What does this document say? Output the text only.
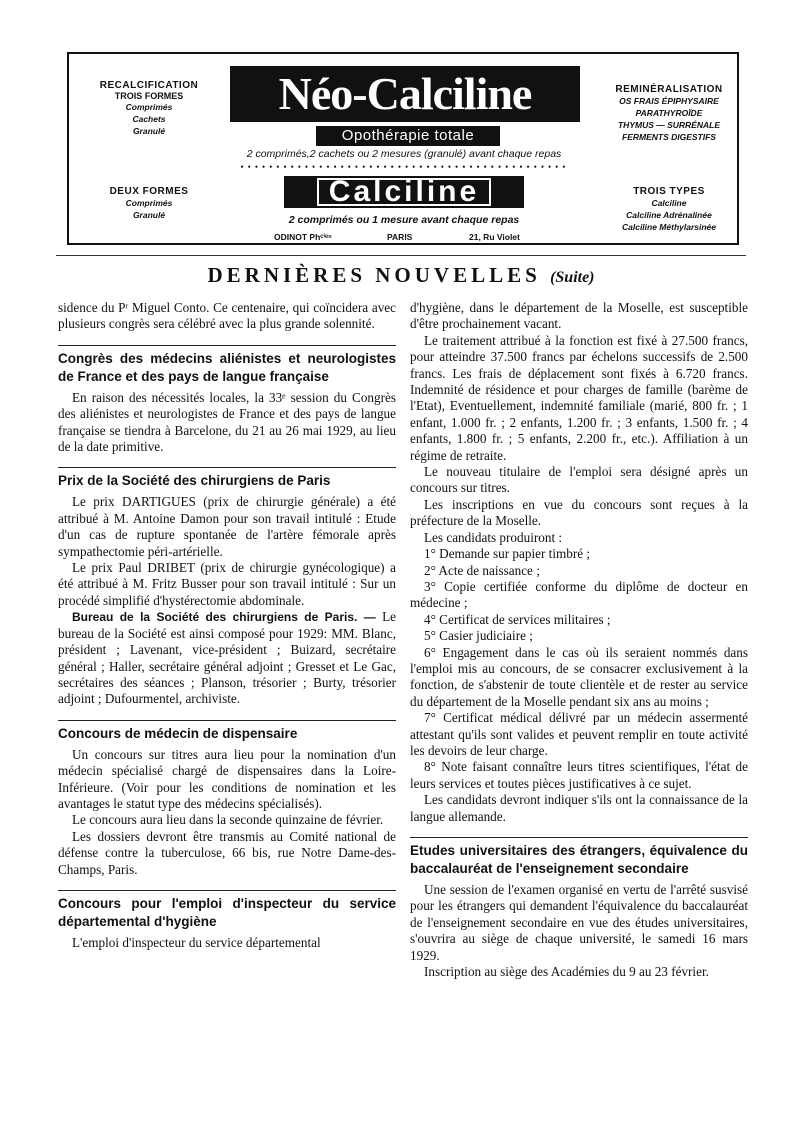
RECALCIFICATION
TROIS FORMES
Comprimés
Cachets
Granulé
DEUX FORMES
Comprimés
Granulé
Néo-Calciline
Opothérapie totale
2 comprimés,2 cachets ou 2 mesures (granulé) avant chaque repas
••••••••••••••••••••••••••••••••••••••••••••••
Calciline
2 comprimés ou 1 mesure avant chaque repas
ODINOT Phᶜⁱᵉⁿ	PARIS	21, Ru Violet
REMINÉRALISATION
OS FRAIS ÉPIPHYSAIRE
PARATHYROÏDE
THYMUS — SURRÉNALE
FERMENTS DIGESTIFS
TROIS TYPES
Calciline
Calciline Adrénalinée
Calciline Méthylarsinée
DERNIÈRES NOUVELLES (Suite)

sidence du Pʳ Miguel Conto. Ce centenaire, qui coïncidera avec plusieurs congrès sera célébré avec la plus grande solennité.

Congrès des médecins aliénistes et neurologistes de France et des pays de langue française

En raison des nécessités locales, la 33ᵉ session du Congrès des aliénistes et neurologistes de France et des pays de langue française se tiendra à Barcelone, du 21 au 26 mai 1929, au lieu de la date primitive.

Prix de la Société des chirurgiens de Paris

Le prix DARTIGUES (prix de chirurgie générale) a été attribué à M. Antoine Damon pour son travail intitulé : Etude d'un cas de rupture spontanée de l'artère fémorale après sympathectomie péri-artérielle.

Le prix Paul DRIBET (prix de chirurgie gynécologique) a été attribué à M. Fritz Busser pour son travail intitulé : Sur un procédé simplifié d'hystérectomie abdominale.

Bureau de la Société des chirurgiens de Paris. — Le bureau de la Société est ainsi composé pour 1929: MM. Blanc, président ; Lavenant, vice-président ; Buizard, secrétaire général ; Haller, secrétaire général adjoint ; Gresset et Le Gac, secrétaires des séances ; Planson, trésorier ; Burty, trésorier adjoint ; Dufourmentel, archiviste.

Concours de médecin de dispensaire

Un concours sur titres aura lieu pour la nomination d'un médecin spécialisé chargé de dispensaires dans la Loire-Inférieure. (Voir pour les conditions de nomination et les avantages le statut type des médecins spécialisés).

Le concours aura lieu dans la seconde quinzaine de février.

Les dossiers devront être transmis au Comité national de défense contre la tuberculose, 66 bis, rue Notre Dame-des-Champs, Paris.

Concours pour l'emploi d'inspecteur du service départemental d'hygiène

L'emploi d'inspecteur du service départemental

d'hygiène, dans le département de la Moselle, est susceptible d'être prochainement vacant.

Le traitement attribué à la fonction est fixé à 27.500 francs, pour atteindre 37.500 francs par échelons successifs de 2.500 francs. Les frais de déplacement sont fixés à 6.720 francs. Indemnité de résidence et pour charges de famille (barème de l'Etat), Eventuellement, indemnité familiale (marié, 800 fr. ; 1 enfant, 1.000 fr. ; 2 enfants, 1.200 fr. ; 3 enfants, 1.500 fr. ; 4 enfants, 1.800 fr. ; 5 enfants, 2.200 fr., etc.). Affiliation à un régime de retraite.

Le nouveau titulaire de l'emploi sera désigné après un concours sur titres.

Les inscriptions en vue du concours sont reçues à la préfecture de la Moselle.

Les candidats produiront :

1° Demande sur papier timbré ;

2° Acte de naissance ;

3° Copie certifiée conforme du diplôme de docteur en médecine ;

4° Certificat de services militaires ;

5° Casier judiciaire ;

6° Engagement dans le cas où ils seraient nommés dans l'emploi mis au concours, de se consacrer exclusivement à la fonction, de s'abstenir de toute clientèle et de rester au service du département de la Moselle pendant six ans au moins ;

7° Certificat médical délivré par un médecin assermenté attestant qu'ils sont valides et peuvent remplir en toute activité les devoirs de leur charge.

8° Note faisant connaître leurs titres scientifiques, l'état de leurs services et toutes pièces justificatives à ce sujet.

Les candidats devront indiquer s'ils ont la connaissance de la langue allemande.

Etudes universitaires des étrangers, équivalence du baccalauréat de l'enseignement secondaire

Une session de l'examen organisé en vertu de l'arrêté susvisé pour les étrangers qui demandent l'équivalence du baccalauréat de l'enseignement secondaire en vue des études universitaires, s'ouvrira au siège de chaque université, le samedi 16 mars 1929.

Inscription au siège des Académies du 9 au 23 février.
